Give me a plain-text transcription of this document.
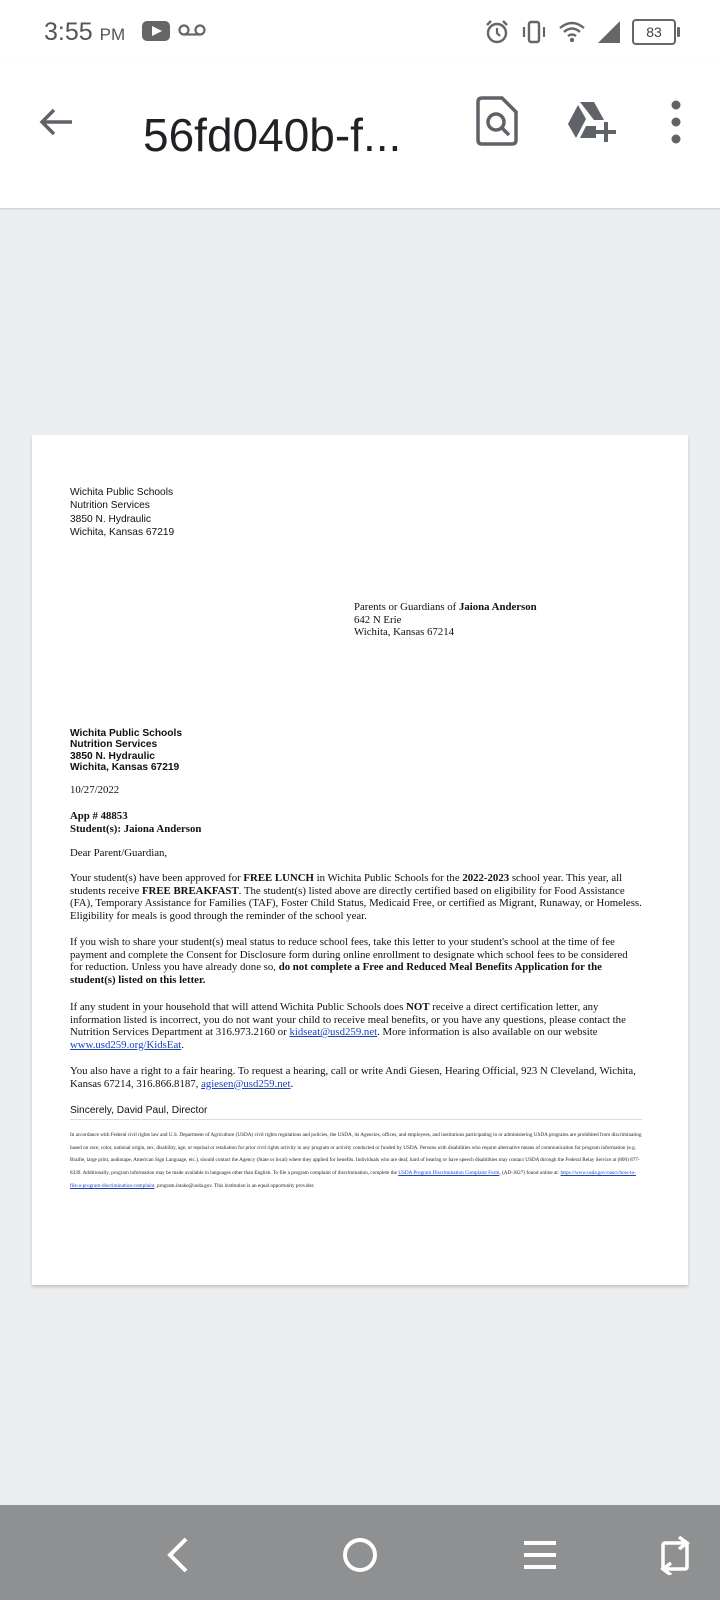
3:55 PM	83
56fd040b-f...
Wichita Public Schools
Nutrition Services
3850 N. Hydraulic
Wichita, Kansas 67219
Parents or Guardians of Jaiona Anderson
642 N Erie
Wichita, Kansas 67214
Wichita Public Schools
Nutrition Services
3850 N. Hydraulic
Wichita, Kansas 67219
10/27/2022
App # 48853
Student(s): Jaiona Anderson
Dear Parent/Guardian,
Your student(s) have been approved for FREE LUNCH in Wichita Public Schools for the 2022-2023 school year. This year, all students receive FREE BREAKFAST. The student(s) listed above are directly certified based on eligibility for Food Assistance (FA), Temporary Assistance for Families (TAF), Foster Child Status, Medicaid Free, or certified as Migrant, Runaway, or Homeless. Eligibility for meals is good through the reminder of the school year.
If you wish to share your student(s) meal status to reduce school fees, take this letter to your student's school at the time of fee payment and complete the Consent for Disclosure form during online enrollment to designate which school fees to be considered for reduction. Unless you have already done so, do not complete a Free and Reduced Meal Benefits Application for the student(s) listed on this letter.
If any student in your household that will attend Wichita Public Schools does NOT receive a direct certification letter, any information listed is incorrect, you do not want your child to receive meal benefits, or you have any questions, please contact the Nutrition Services Department at 316.973.2160 or kidseat@usd259.net. More information is also available on our website www.usd259.org/KidsEat.
You also have a right to a fair hearing. To request a hearing, call or write Andi Giesen, Hearing Official, 923 N Cleveland, Wichita, Kansas 67214, 316.866.8187, agiesen@usd259.net.
Sincerely, David Paul, Director
In accordance with Federal civil rights law and U.S. Department of Agriculture (USDA) civil rights regulations and policies, the USDA, its Agencies, offices, and employees, and institutions participating in or administering USDA programs are prohibited from discriminating based on race, color, national origin, sex, disability, age, or reprisal or retaliation for prior civil rights activity in any program or activity conducted or funded by USDA. Persons with disabilities who require alternative means of communication for program information (e.g. Braille, large print, audiotape, American Sign Language, etc.), should contact the Agency (State or local) where they applied for benefits. Individuals who are deaf, hard of hearing or have speech disabilities may contact USDA through the Federal Relay Service at (800) 877-8339. Additionally, program information may be made available in languages other than English. To file a program complaint of discrimination, complete the USDA Program Discrimination Complaint Form, (AD-3027) found online at: https://www.usda.gov/oascr/how-to-file-a-program-discrimination-complaint, program.intake@usda.gov. This institution is an equal opportunity provider.
